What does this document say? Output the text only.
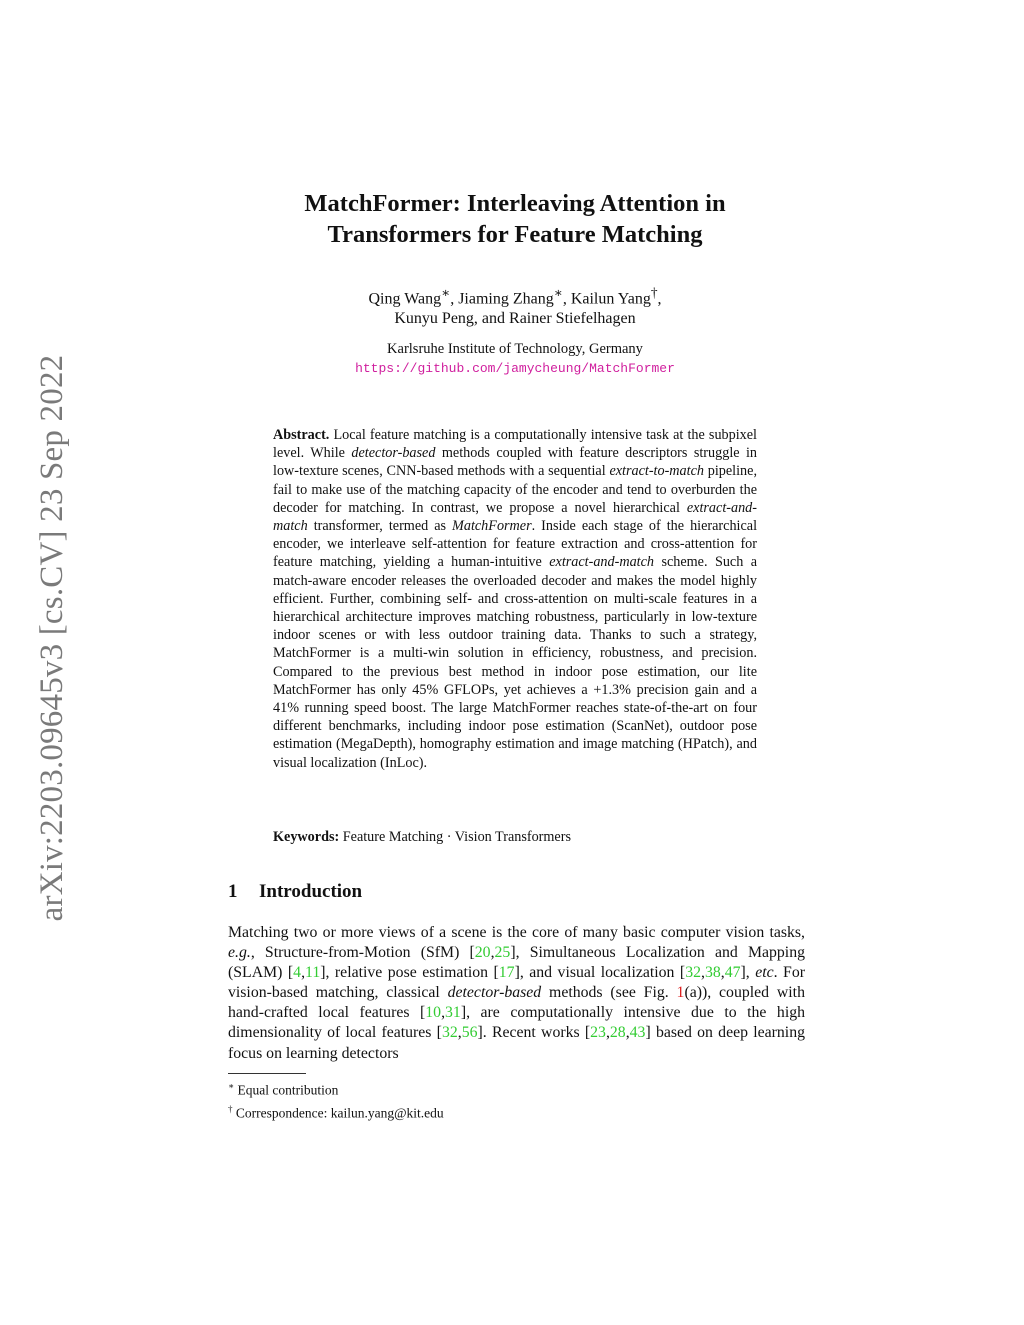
arXiv:2203.09645v3 [cs.CV] 23 Sep 2022
MatchFormer: Interleaving Attention in
Transformers for Feature Matching
Qing Wang∗, Jiaming Zhang∗, Kailun Yang†,
Kunyu Peng, and Rainer Stiefelhagen
Karlsruhe Institute of Technology, Germany
https://github.com/jamycheung/MatchFormer
Abstract. Local feature matching is a computationally intensive task at the subpixel level. While detector-based methods coupled with feature descriptors struggle in low-texture scenes, CNN-based methods with a sequential extract-to-match pipeline, fail to make use of the matching capacity of the encoder and tend to overburden the decoder for matching. In contrast, we propose a novel hierarchical extract-and-match transformer, termed as MatchFormer. Inside each stage of the hierarchical encoder, we interleave self-attention for feature extraction and cross-attention for feature matching, yielding a human-intuitive extract-and-match scheme. Such a match-aware encoder releases the overloaded decoder and makes the model highly efficient. Further, combining self- and cross-attention on multi-scale features in a hierarchical architecture improves matching robustness, particularly in low-texture indoor scenes or with less outdoor training data. Thanks to such a strategy, MatchFormer is a multi-win solution in efficiency, robustness, and precision. Compared to the previous best method in indoor pose estimation, our lite MatchFormer has only 45% GFLOPs, yet achieves a +1.3% precision gain and a 41% running speed boost. The large MatchFormer reaches state-of-the-art on four different benchmarks, including indoor pose estimation (ScanNet), outdoor pose estimation (MegaDepth), homography estimation and image matching (HPatch), and visual localization (InLoc).
Keywords: Feature Matching · Vision Transformers
1 Introduction
Matching two or more views of a scene is the core of many basic computer vision tasks, e.g., Structure-from-Motion (SfM) [20,25], Simultaneous Localization and Mapping (SLAM) [4,11], relative pose estimation [17], and visual localization [32,38,47], etc. For vision-based matching, classical detector-based methods (see Fig. 1(a)), coupled with hand-crafted local features [10,31], are computationally intensive due to the high dimensionality of local features [32,56]. Recent works [23,28,43] based on deep learning focus on learning detectors
∗ Equal contribution
† Correspondence: kailun.yang@kit.edu
